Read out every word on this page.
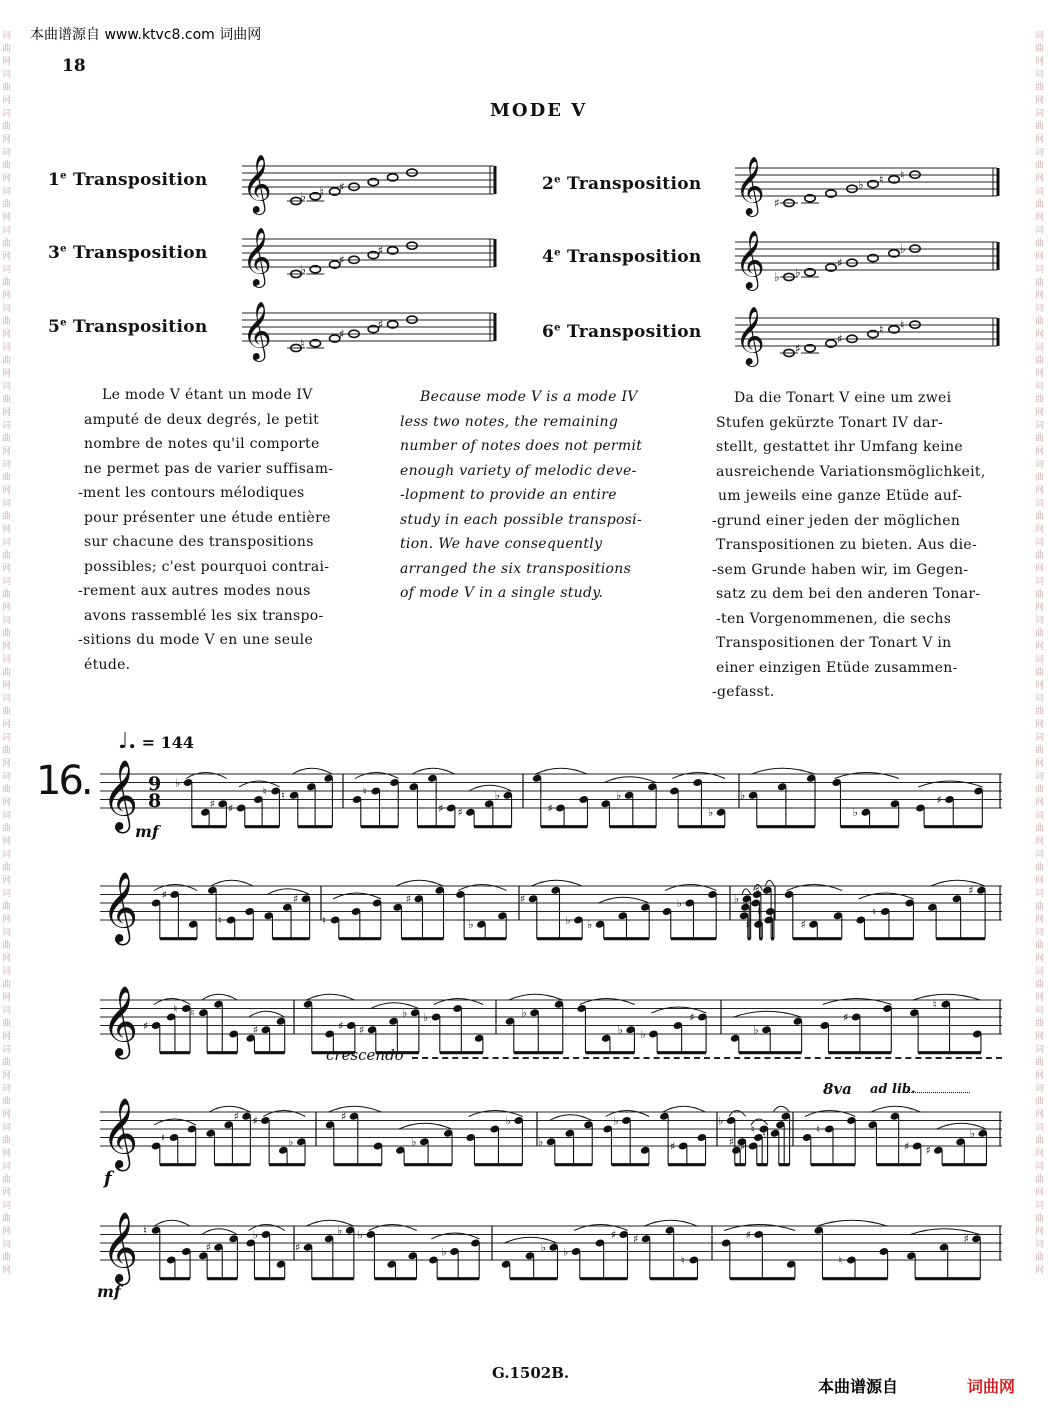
本曲谱源自 www.ktvc8.com 词曲网
词曲网词曲网词曲网词曲网词曲网词曲网词曲网词曲网词曲网词曲网词曲网词曲网词曲网词曲网词曲网词曲网词曲网词曲网词曲网词曲网词曲网词曲网词曲网词曲网词曲网词曲网词曲网词曲网词曲网词曲网词曲网词曲网
词曲网词曲网词曲网词曲网词曲网词曲网词曲网词曲网词曲网词曲网词曲网词曲网词曲网词曲网词曲网词曲网词曲网词曲网词曲网词曲网词曲网词曲网词曲网词曲网词曲网词曲网词曲网词曲网词曲网词曲网词曲网词曲网
18
MODE V
1e Transposition	2e Transposition
3e Transposition	4e Transposition
5e Transposition	6e Transposition
𝄞 ♭ ♮ ♯	𝄞 ♯
♭ ♮ ♮
𝄞 ♭
♯
♯	𝄞 ♭ ♭
♯
♭
𝄞 ♮
♯
♯	𝄞	♯
♯
♮ ♮
Le mode V étant un mode IV
amputé de deux degrés, le petit
nombre de notes qu'il comporte
ne permet pas de varier suffisam-
-ment les contours mélodiques
pour présenter une étude entière
sur chacune des transpositions
possibles; c'est pourquoi contrai-
-rement aux autres modes nous
avons rassemblé les six transpo-
-sitions du mode V en une seule
étude.
Because mode V is a mode IV
less two notes, the remaining
number of notes does not permit
enough variety of melodic deve-
-lopment to provide an entire
study in each possible transposi-
tion. We have consequently
arranged the six transpositions
of mode V in a single study.
Da die Tonart V eine um zwei
Stufen gekürzte Tonart IV dar-
stellt, gestattet ihr Umfang keine
ausreichende Variationsmöglichkeit,
um jeweils eine ganze Etüde auf-
-grund einer jeden der möglichen
Transpositionen zu bieten. Aus die-
-sem Grunde haben wir, im Gegen-
satz zu dem bei den anderen Tonar-
-ten Vorgenommenen, die sechs
Transpositionen der Tonart V in
einer einzigen Etüde zusammen-
-gefasst.
♩. = 144
16. 𝄞 9
8
♭
♯ ♯
♮ ♮	♮
♯ ♯
♭
♯
♭
♭
♭
♭
♯
𝄞 ♯
♮
♯
♮
♯
♭
♯
♭ ♭
♭	♭ ♭
♯
♯
♮
♯
♮
♯
𝄞 ♯
♮ ♮
♯	♯ ♯
♭ ♭	♭
♭ ♭
♯
♭
♯
♮
𝄞 ♮
♯ ♯
♭
♯
♭
♭
♭
♭
♯
♭
♯ ♯
♮ ♮	♮
♯ ♯
♭
𝄞 ♮
♯
♭
♯
♭ ♭
♭	♭ ♭
♯ ♯
♮
♯
♮
♯
mf
crescendo
f
mf
8va ad lib.
G.1502B.
本曲谱源自	词曲网
